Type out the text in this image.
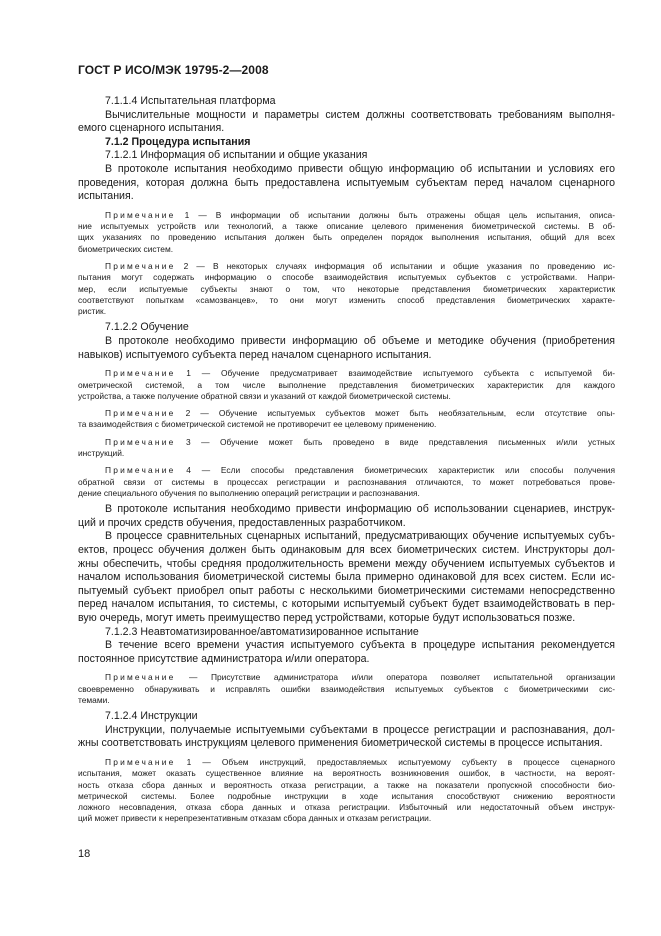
ГОСТ Р ИСО/МЭК 19795-2—2008
7.1.1.4 Испытательная платформа
Вычислительные мощности и параметры систем должны соответствовать требованиям выполня-
емого сценарного испытания.
7.1.2 Процедура испытания
7.1.2.1 Информация об испытании и общие указания
В протоколе испытания необходимо привести общую информацию об испытании и условиях его
проведения, которая должна быть предоставлена испытуемым субъектам перед началом сценарного
испытания.
Примечание 1 — В информации об испытании должны быть отражены общая цель испытания, описа-
ние испытуемых устройств или технологий, а также описание целевого применения биометрической системы. В об-
щих указаниях по проведению испытания должен быть определен порядок выполнения испытания, общий для всех
биометрических систем.
Примечание 2 — В некоторых случаях информация об испытании и общие указания по проведению ис-
пытания могут содержать информацию о способе взаимодействия испытуемых субъектов с устройствами. Напри-
мер, если испытуемые субъекты знают о том, что некоторые представления биометрических характеристик
соответствуют попыткам «самозванцев», то они могут изменить способ представления биометрических характе-
ристик.
7.1.2.2 Обучение
В протоколе необходимо привести информацию об объеме и методике обучения (приобретения
навыков) испытуемого субъекта перед началом сценарного испытания.
Примечание 1 — Обучение предусматривает взаимодействие испытуемого субъекта с испытуемой би-
ометрической системой, а том числе выполнение представления биометрических характеристик для каждого
устройства, а также получение обратной связи и указаний от каждой биометрической системы.
Примечание 2 — Обучение испытуемых субъектов может быть необязательным, если отсутствие опы-
та взаимодействия с биометрической системой не противоречит ее целевому применению.
Примечание 3 — Обучение может быть проведено в виде представления письменных и/или устных
инструкций.
Примечание 4 — Если способы представления биометрических характеристик или способы получения
обратной связи от системы в процессах регистрации и распознавания отличаются, то может потребоваться прове-
дение специального обучения по выполнению операций регистрации и распознавания.
В протоколе испытания необходимо привести информацию об использовании сценариев, инструк-
ций и прочих средств обучения, предоставленных разработчиком.
В процессе сравнительных сценарных испытаний, предусматривающих обучение испытуемых субъ-
ектов, процесс обучения должен быть одинаковым для всех биометрических систем. Инструкторы дол-
жны обеспечить, чтобы средняя продолжительность времени между обучением испытуемых субъектов и
началом использования биометрической системы была примерно одинаковой для всех систем. Если ис-
пытуемый субъект приобрел опыт работы с несколькими биометрическими системами непосредственно
перед началом испытания, то системы, с которыми испытуемый субъект будет взаимодействовать в пер-
вую очередь, могут иметь преимущество перед устройствами, которые будут использоваться позже.
7.1.2.3 Неавтоматизированное/автоматизированное испытание
В течение всего времени участия испытуемого субъекта в процедуре испытания рекомендуется
постоянное присутствие администратора и/или оператора.
Примечание — Присутствие администратора и/или оператора позволяет испытательной организации
своевременно обнаруживать и исправлять ошибки взаимодействия испытуемых субъектов с биометрическими сис-
темами.
7.1.2.4 Инструкции
Инструкции, получаемые испытуемыми субъектами в процессе регистрации и распознавания, дол-
жны соответствовать инструкциям целевого применения биометрической системы в процессе испытания.
Примечание 1 — Объем инструкций, предоставляемых испытуемому субъекту в процессе сценарного
испытания, может оказать существенное влияние на вероятность возникновения ошибок, в частности, на вероят-
ность отказа сбора данных и вероятность отказа регистрации, а также на показатели пропускной способности био-
метрической системы. Более подробные инструкции в ходе испытания способствуют снижению вероятности
ложного несовпадения, отказа сбора данных и отказа регистрации. Избыточный или недостаточный объем инструк-
ций может привести к нерепрезентативным отказам сбора данных и отказам регистрации.
18
